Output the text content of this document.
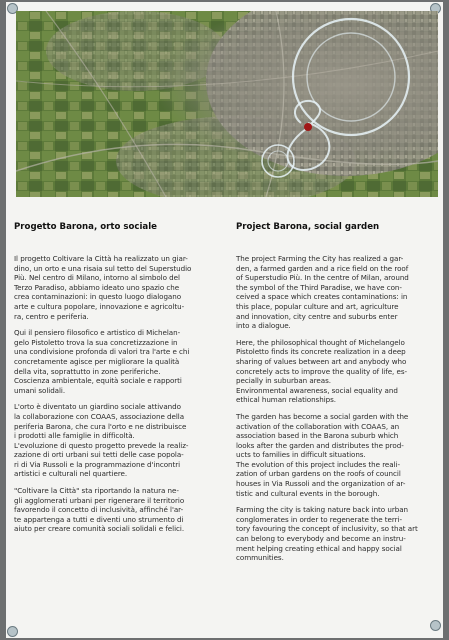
Progetto Barona, orto sociale

Il progetto Coltivare la Città ha realizzato un giar-
dino, un orto e una risaia sul tetto del Superstudio
Più. Nel centro di Milano, intorno al simbolo del
Terzo Paradiso, abbiamo ideato uno spazio che
crea contaminazioni: in questo luogo dialogano
arte e cultura popolare, innovazione e agricoltu-
ra, centro e periferia.

Qui il pensiero filosofico e artistico di Michelan-
gelo Pistoletto trova la sua concretizzazione in
una condivisione profonda di valori tra l'arte e chi
concretamente agisce per migliorare la qualità
della vita, soprattutto in zone periferiche.
Coscienza ambientale, equità sociale e rapporti
umani solidali.

L'orto è diventato un giardino sociale attivando
la collaborazione con COAAS, associazione della
periferia Barona, che cura l'orto e ne distribuisce
i prodotti alle famiglie in difficoltà.
L'evoluzione di questo progetto prevede la realiz-
zazione di orti urbani sui tetti delle case popola-
ri di Via Russoli e la programmazione d'incontri
artistici e culturali nel quartiere.

"Coltivare la Città" sta riportando la natura ne-
gli agglomerati urbani per rigenerare il territorio
favorendo il concetto di inclusività, affinché l'ar-
te appartenga a tutti e diventi uno strumento di
aiuto per creare comunità sociali solidali e felici.

Project Barona, social garden

The project Farming the City has realized a gar-
den, a farmed garden and a rice field on the roof
of Superstudio Più. In the centre of Milan, around
the symbol of the Third Paradise, we have con-
ceived a space which creates contaminations: in
this place, popular culture and art, agriculture
and innovation, city centre and suburbs enter
into a dialogue.

Here, the philosophical thought of Michelangelo
Pistoletto finds its concrete realization in a deep
sharing of values between art and anybody who
concretely acts to improve the quality of life, es-
pecially in suburban areas.
Environmental awareness, social equality and
ethical human relationships.

The garden has become a social garden with the
activation of the collaboration with COAAS, an
association based in the Barona suburb which
looks after the garden and distributes the prod-
ucts to families in difficult situations.
The evolution of this project includes the reali-
zation of urban gardens on the roofs of council
houses in Via Russoli and the organization of ar-
tistic and cultural events in the borough.

Farming the city is taking nature back into urban
conglomerates in order to regenerate the terri-
tory favouring the concept of inclusivity, so that art
can belong to everybody and become an instru-
ment helping creating ethical and happy social
communities.
